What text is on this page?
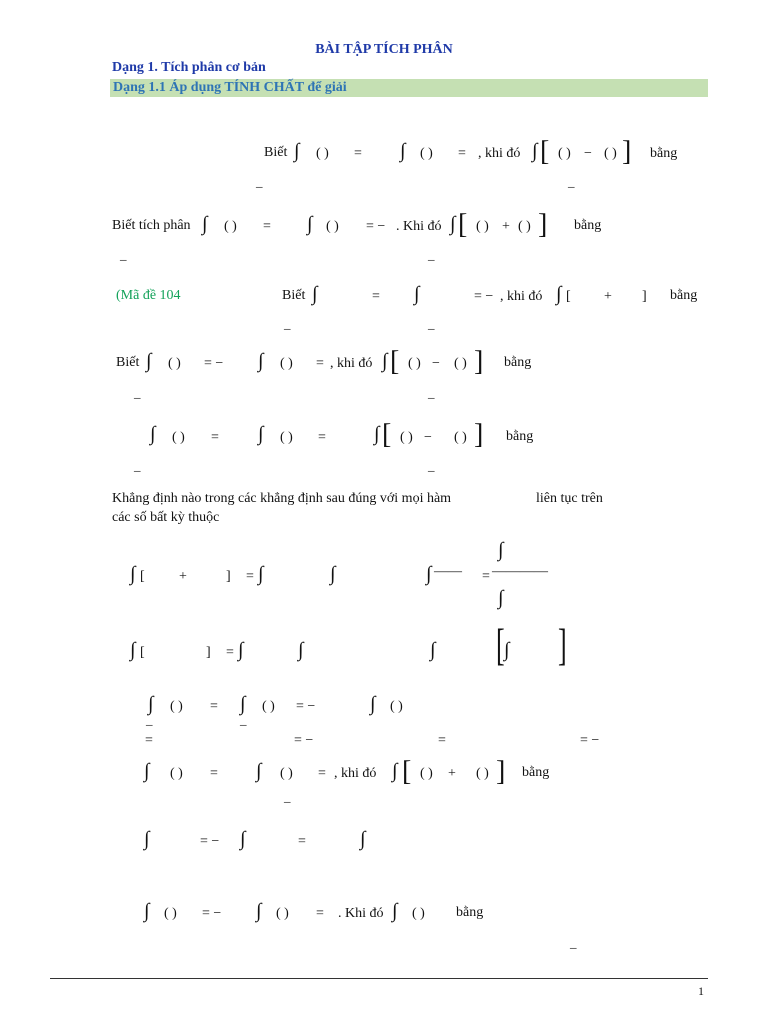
BÀI TẬP TÍCH PHÂN
Dạng 1. Tích phân cơ bản
Dạng 1.1 Áp dụng TÍNH CHẤT để giải
Biết ∫ ( ) = ∫ ( ) = , khi đó ∫ [ ( ) − ( ) ] bằng
_	_
Biết tích phân ∫ ( ) = ∫ ( ) = − . Khi đó ∫ [ ( ) + ( ) ] bằng
_	_
(Mã đề 104	Biết ∫	= ∫	= − , khi đó ∫ [ + ] bằng
_	_
Biết ∫ ( ) = − ∫ ( ) = , khi đó ∫ [ ( ) − ( ) ] bằng
_	_
∫ ( ) = ∫ ( ) = ∫ [ ( ) − ( ) ] bằng
_	_
Khẳng định nào trong các khẳng định sau đúng với mọi hàm	liên tục trên
các số bất kỳ thuộc
∫ [ +	] = ∫	∫	∫ —— =
∫
————
∫
∫ [	] = ∫	∫	∫ [ ∫ ]
∫ ( ) = ∫ ( ) = −	∫ ( )
_	_
=	= −	=	= −
∫ ( ) = ∫ ( ) = , khi đó ∫ [ ( ) + ( ) ] bằng
_
∫	= − ∫	=	∫
∫ ( ) = − ∫ ( ) = . Khi đó ∫ ( ) bằng
_
1
